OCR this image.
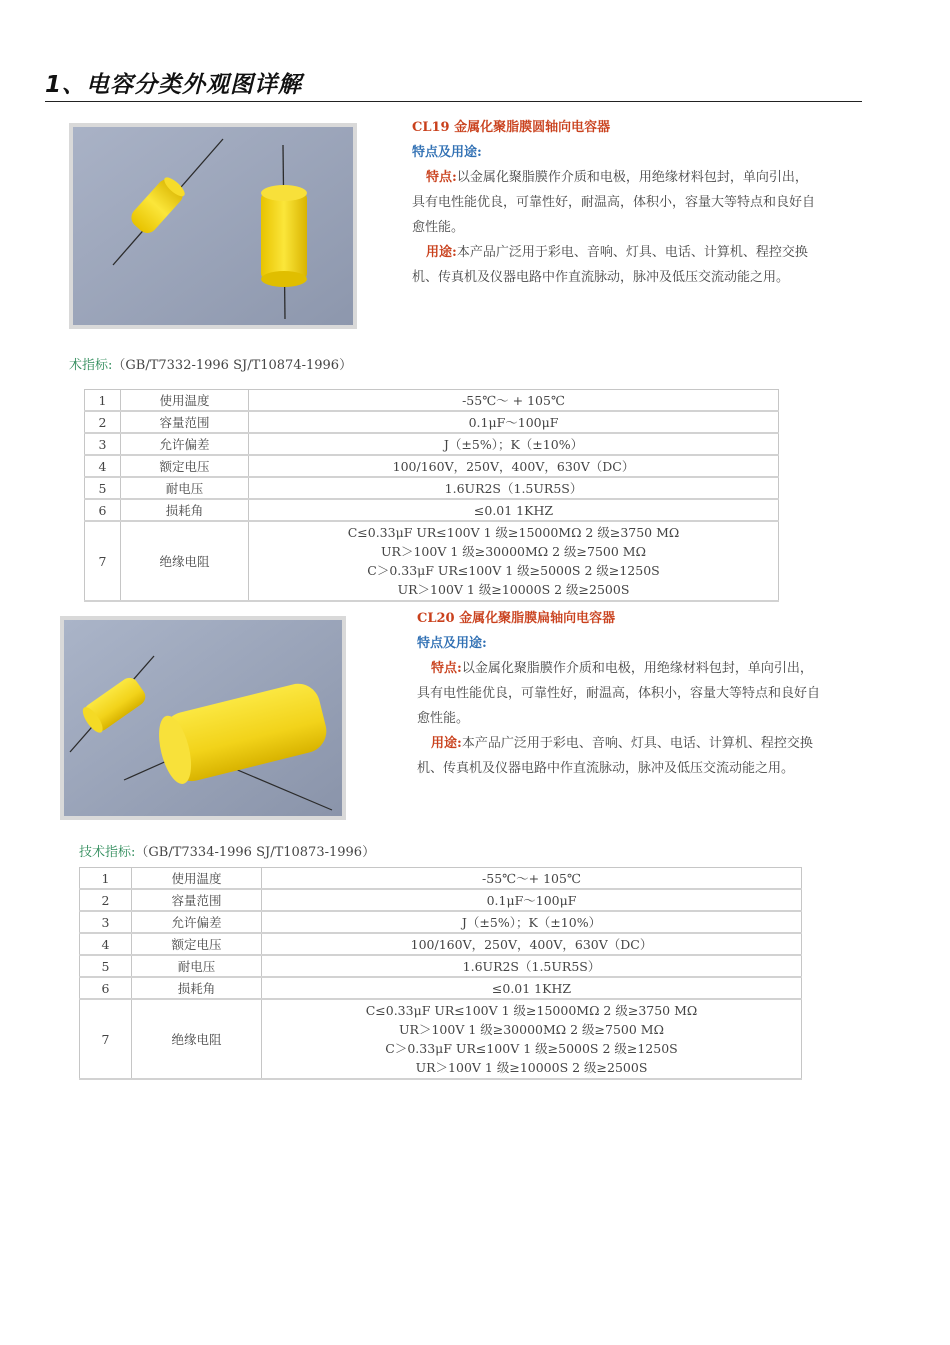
1、电容分类外观图详解
CL19 金属化聚脂膜圆轴向电容器
特点及用途:
特点:以金属化聚脂膜作介质和电极，用绝缘材料包封，单向引出，具有电性能优良，可靠性好，耐温高，体积小，容量大等特点和良好自愈性能。
用途:本产品广泛用于彩电、音响、灯具、电话、计算机、程控交换机、传真机及仪器电路中作直流脉动，脉冲及低压交流动能之用。
术指标:（GB/T7332-1996 SJ/T10874-1996）
1	使用温度	-55℃～ + 105℃
2	容量范围	0.1μF～100μF
3	允许偏差	J（±5%）；K（±10%）
4	额定电压	100/160V，250V，400V，630V（DC）
5	耐电压	1.6UR2S（1.5UR5S）
6	损耗角	≤0.01 1KHZ
7	绝缘电阻	C≤0.33μF UR≤100V 1 级≥15000MΩ 2 级≥3750 MΩ
UR＞100V 1 级≥30000MΩ 2 级≥7500 MΩ
C＞0.33μF UR≤100V 1 级≥5000S 2 级≥1250S
UR＞100V 1 级≥10000S 2 级≥2500S
CL20 金属化聚脂膜扁轴向电容器
特点及用途:
特点:以金属化聚脂膜作介质和电极，用绝缘材料包封，单向引出，具有电性能优良，可靠性好，耐温高，体积小，容量大等特点和良好自愈性能。
用途:本产品广泛用于彩电、音响、灯具、电话、计算机、程控交换机、传真机及仪器电路中作直流脉动，脉冲及低压交流动能之用。
技术指标:（GB/T7334-1996 SJ/T10873-1996）
1	使用温度	-55℃～+ 105℃
2	容量范围	0.1μF～100μF
3	允许偏差	J（±5%）；K（±10%）
4	额定电压	100/160V，250V，400V，630V（DC）
5	耐电压	1.6UR2S（1.5UR5S）
6	损耗角	≤0.01 1KHZ
7	绝缘电阻	C≤0.33μF UR≤100V 1 级≥15000MΩ 2 级≥3750 MΩ
UR＞100V 1 级≥30000MΩ 2 级≥7500 MΩ
C＞0.33μF UR≤100V 1 级≥5000S 2 级≥1250S
UR＞100V 1 级≥10000S 2 级≥2500S
